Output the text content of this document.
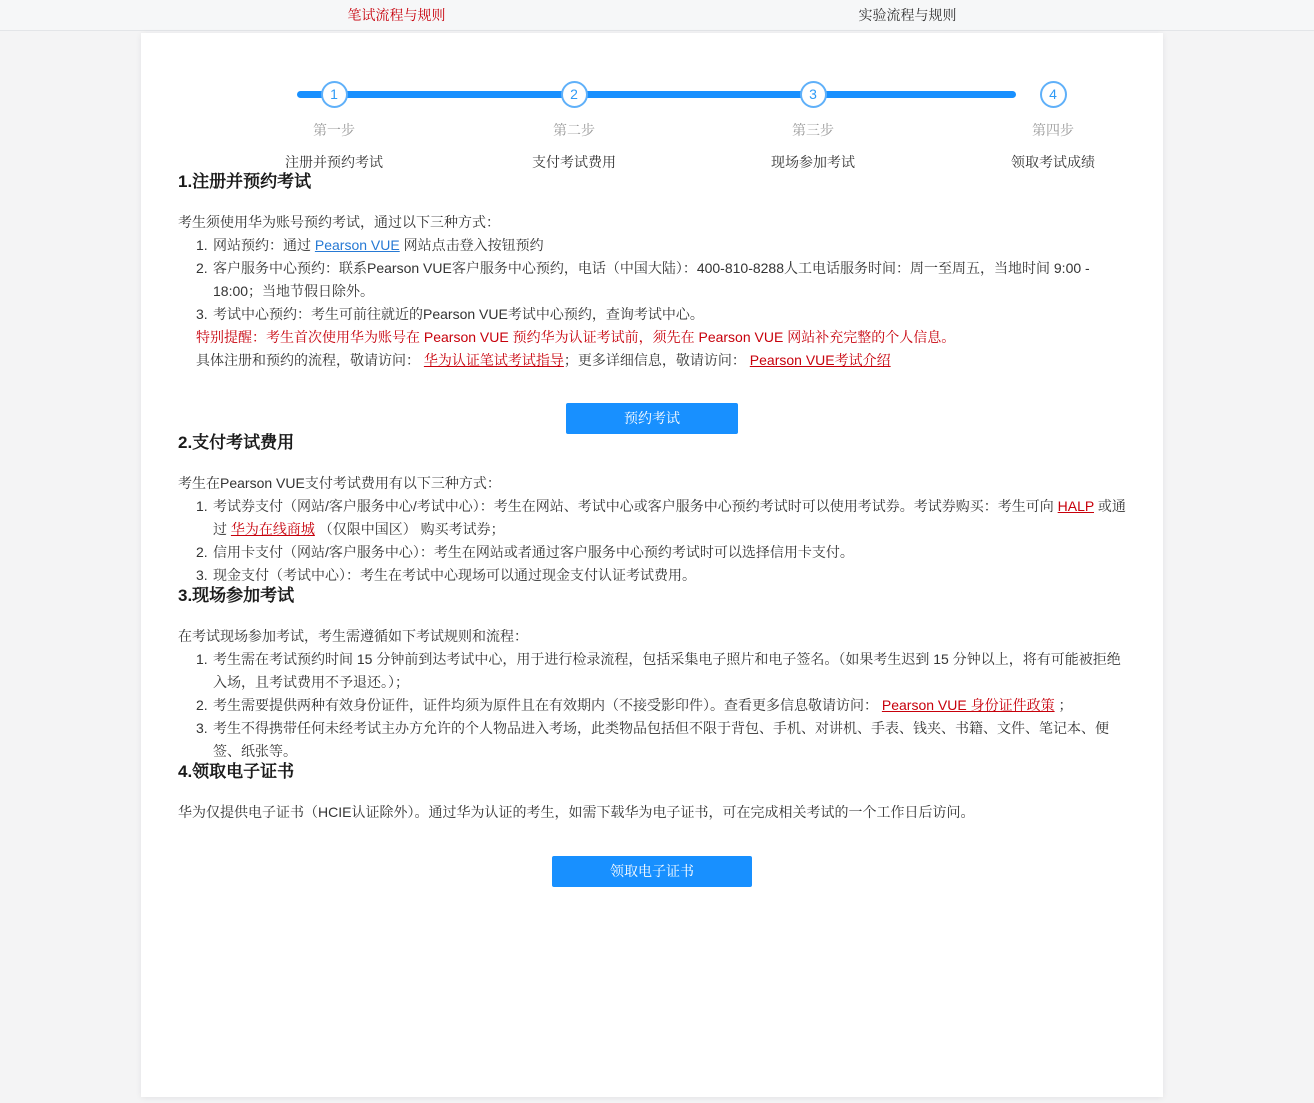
笔试流程与规则	实验流程与规则
1
第一步
注册并预约考试
2
第二步
支付考试费用
3
第三步
现场参加考试
4
第四步
领取考试成绩
1.注册并预约考试

考生须使用华为账号预约考试，通过以下三种方式：

网站预约：通过 Pearson VUE 网站点击登入按钮预约
客户服务中心预约：联系Pearson VUE客户服务中心预约，电话（中国大陆）：400-810-8288人工电话服务时间：周一至周五，当地时间 9:00 - 18:00；当地节假日除外。
考试中心预约：考生可前往就近的Pearson VUE考试中心预约，查询考试中心。

特别提醒：考生首次使用华为账号在 Pearson VUE 预约华为认证考试前，须先在 Pearson VUE 网站补充完整的个人信息。

具体注册和预约的流程，敬请访问： 华为认证笔试考试指导；更多详细信息，敬请访问： Pearson VUE考试介绍

预约考试
2.支付考试费用

考生在Pearson VUE支付考试费用有以下三种方式：

考试券支付（网站/客户服务中心/考试中心）：考生在网站、考试中心或客户服务中心预约考试时可以使用考试券。考试券购买：考生可向 HALP 或通过 华为在线商城 （仅限中国区） 购买考试券；
信用卡支付（网站/客户服务中心）：考生在网站或者通过客户服务中心预约考试时可以选择信用卡支付。
现金支付（考试中心）：考生在考试中心现场可以通过现金支付认证考试费用。
3.现场参加考试

在考试现场参加考试，考生需遵循如下考试规则和流程：

考生需在考试预约时间 15 分钟前到达考试中心，用于进行检录流程，包括采集电子照片和电子签名。（如果考生迟到 15 分钟以上，将有可能被拒绝入场，且考试费用不予退还。）；
考生需要提供两种有效身份证件，证件均须为原件且在有效期内（不接受影印件）。查看更多信息敬请访问： Pearson VUE 身份证件政策 ；
考生不得携带任何未经考试主办方允许的个人物品进入考场，此类物品包括但不限于背包、手机、对讲机、手表、钱夹、书籍、文件、笔记本、便签、纸张等。
4.领取电子证书

华为仅提供电子证书（HCIE认证除外）。通过华为认证的考生，如需下载华为电子证书，可在完成相关考试的一个工作日后访问。

领取电子证书
